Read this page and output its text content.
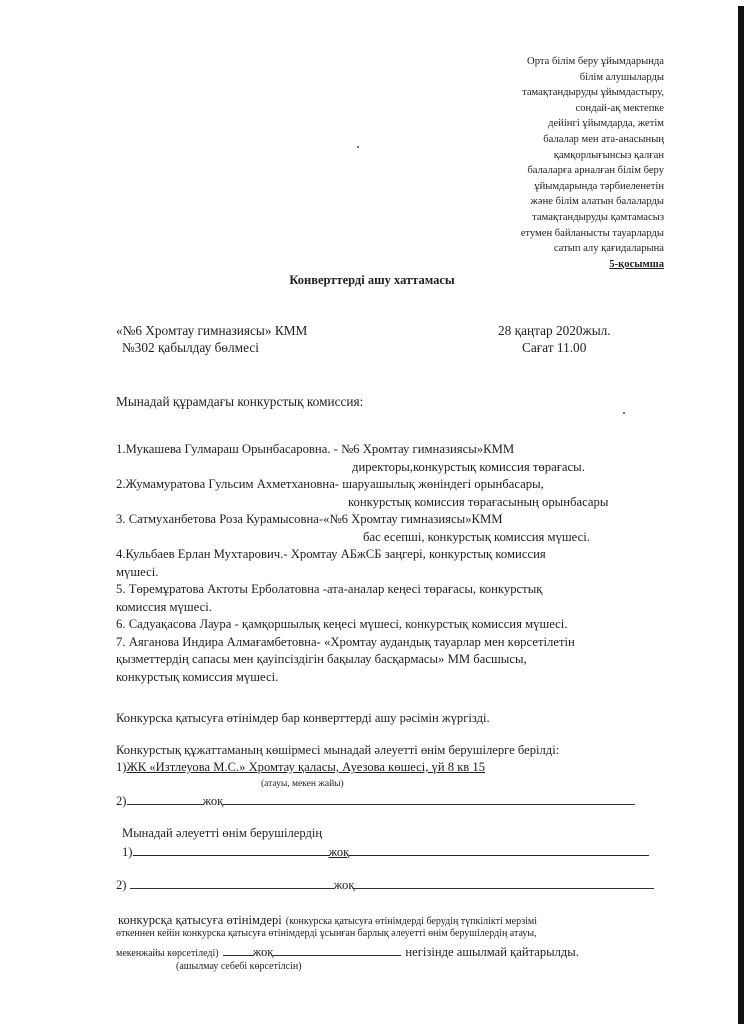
Орта білім беру ұйымдарында
білім алушыларды
тамақтандыруды ұйымдастыру,
сондай-ақ мектепке
дейінгі ұйымдарда, жетім
балалар мен ата-анасының
қамқорлығынсыз қалған
балаларға арналған білім беру
ұйымдарында тәрбиеленетін
және білім алатын балаларды
тамақтандыруды қамтамасыз
етумен байланысты тауарларды
сатып алу қағидаларына
5-қосымша
Конверттерді ашу хаттамасы
«№6 Хромтау гимназиясы» КММ
№302 қабылдау бөлмесі
28 қаңтар 2020жыл.
Сағат 11.00
Мынадай құрамдағы конкурстық комиссия:
1.Мукашева Гулмараш Орынбасаровна. - №6 Хромтау гимназиясы»КММ
директоры,конкурстық комиссия төрағасы.
2.Жумамуратова Гульсим Ахметхановна- шаруашылық жөніндегі орынбасары,
конкурстық комиссия төрағасының орынбасары
3. Сатмуханбетова Роза Курамысовна-«№6 Хромтау гимназиясы»КММ
бас есепші, конкурстық комиссия мүшесі.
4.Кульбаев Ерлан Мухтарович.- Хромтау АБжСБ заңгері, конкурстық комиссия
мүшесі.
5. Төремұратова Актоты Ерболатовна -ата-аналар кеңесі төрағасы, конкурстық
комиссия мүшесі.
6. Садуақасова Лаура - қамқоршылық кеңесі мүшесі, конкурстық комиссия мүшесі.
7. Аяганова Индира Алмағамбетовна- «Хромтау аудандық тауарлар мен көрсетілетін
қызметтердің сапасы мен қауіпсіздігін бақылау басқармасы» ММ басшысы,
конкурстық комиссия мүшесі.
Конкурска қатысуға өтінімдер бар конверттерді ашу рәсімін жүргізді.
Конкурстық құжаттаманың көшірмесі мынадай әлеуетті өнім берушілерге берілді:
1)ЖК «Изтлеуова М.С.» Хромтау қаласы, Ауезова көшесі, үй 8 кв 15
(атауы, мекен жайы)
2)	жоқ
Мынадай әлеуетті өнім берушілердің
1)	жоқ
2)	жоқ
конкурсқа қатысуға өтінімдері (конкурска қатысуға өтінімдерді берудің түпкілікті мерзімі
өткеннен кейін конкурска қатысуға өтінімдерді ұсынған барлық әлеуетті өнім берушілердің атауы,
мекенжайы көрсетіледі)	жоқ	негізінде ашылмай қайтарылды.
(ашылмау себебі көрсетілсін)
